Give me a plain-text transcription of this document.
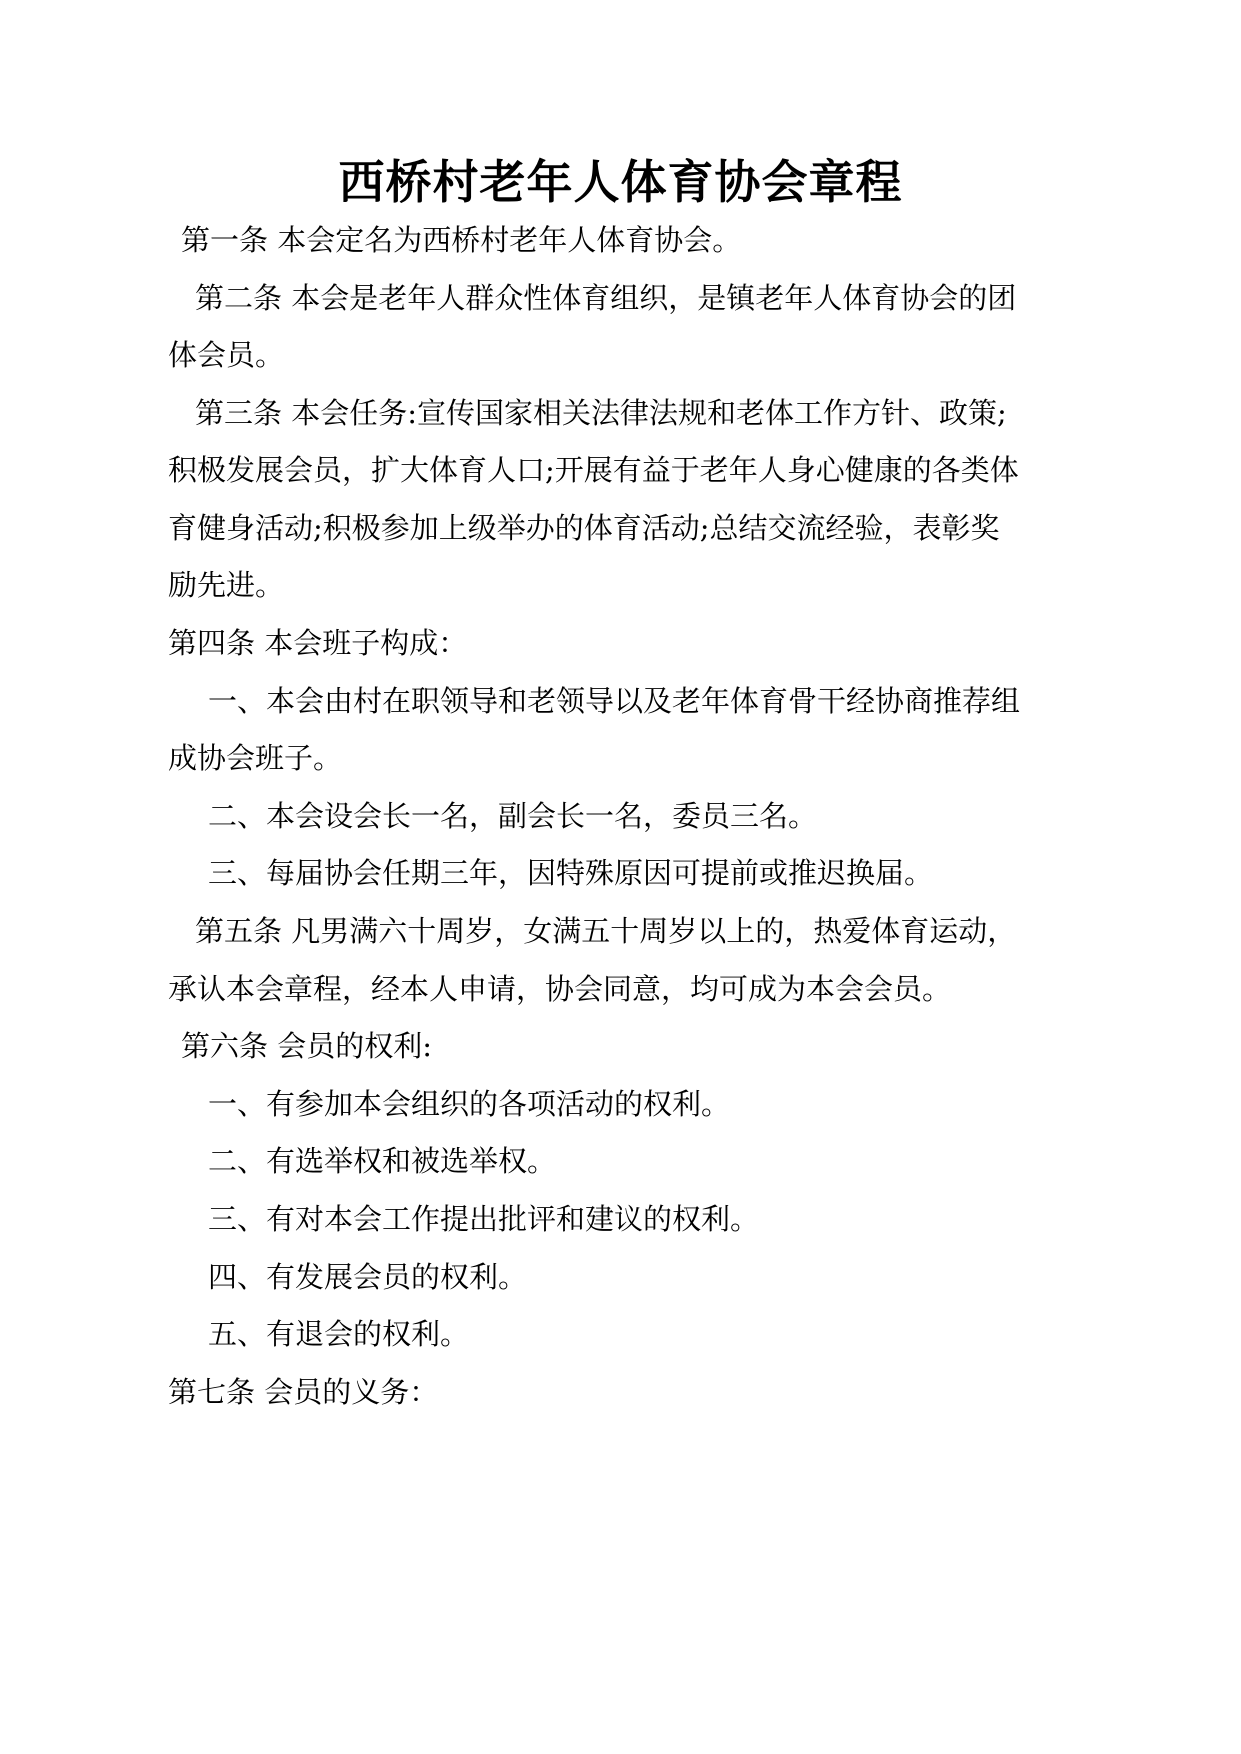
西桥村老年人体育协会章程
第一条 本会定名为西桥村老年人体育协会。
第二条 本会是老年人群众性体育组织，是镇老年人体育协会的团
体会员。
第三条 本会任务:宣传国家相关法律法规和老体工作方针、政策;
积极发展会员，扩大体育人口;开展有益于老年人身心健康的各类体
育健身活动;积极参加上级举办的体育活动;总结交流经验，表彰奖
励先进。
第四条 本会班子构成：
一、本会由村在职领导和老领导以及老年体育骨干经协商推荐组
成协会班子。
二、本会设会长一名，副会长一名，委员三名。
三、每届协会任期三年，因特殊原因可提前或推迟换届。
第五条 凡男满六十周岁，女满五十周岁以上的，热爱体育运动，
承认本会章程，经本人申请，协会同意，均可成为本会会员。
第六条 会员的权利:
一、有参加本会组织的各项活动的权利。
二、有选举权和被选举权。
三、有对本会工作提出批评和建议的权利。
四、有发展会员的权利。
五、有退会的权利。
第七条 会员的义务：
